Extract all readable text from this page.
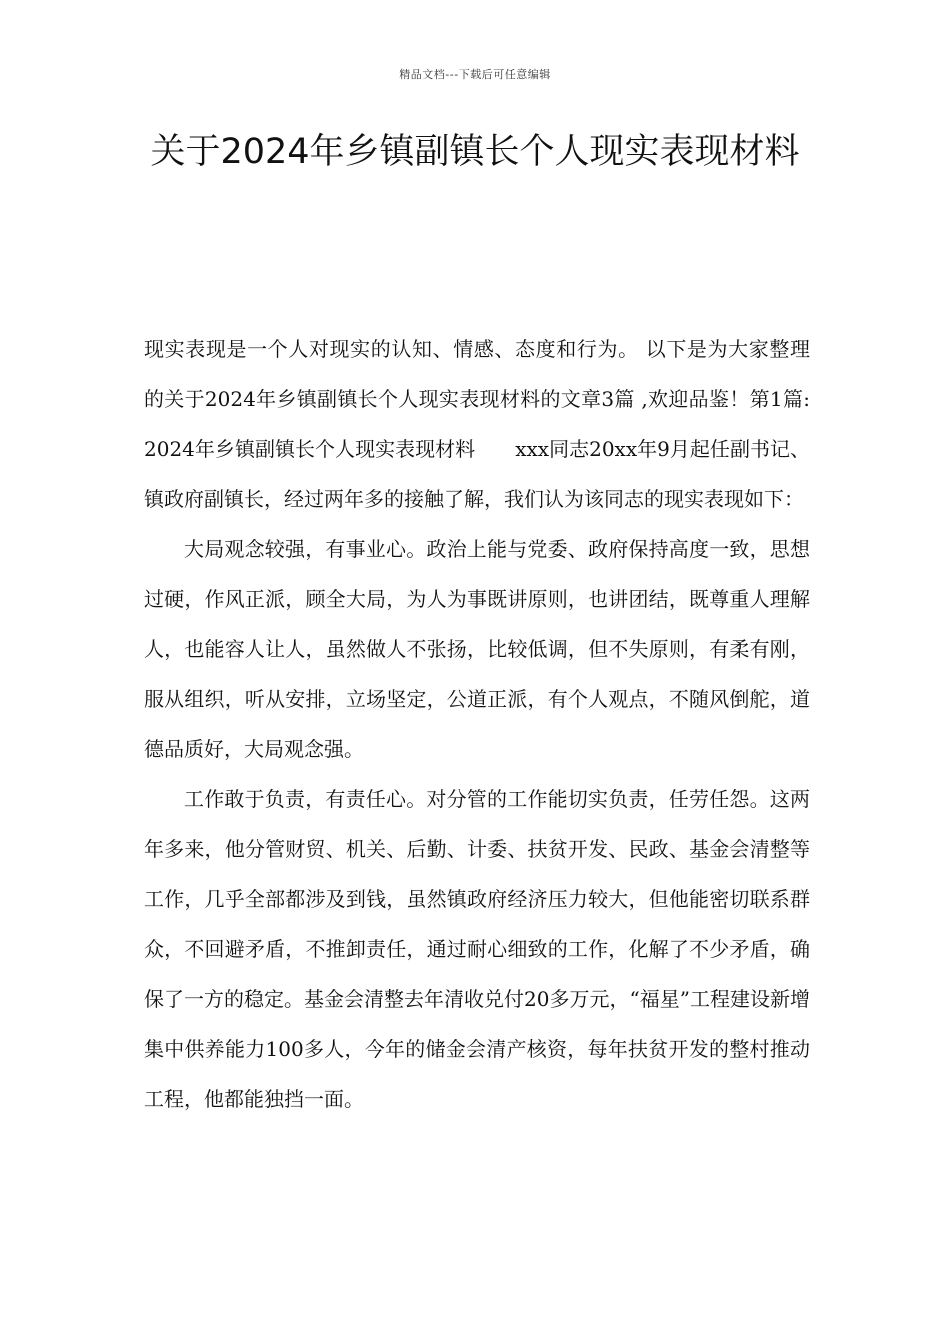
精品文档---下载后可任意编辑
关于2024年乡镇副镇长个人现实表现材料

现实表现是一个人对现实的认知、情感、态度和行为。 以下是为大家整理的关于2024年乡镇副镇长个人现实表现材料的文章3篇 ,欢迎品鉴！第1篇: 2024年乡镇副镇长个人现实表现材料　　xxx同志20xx年9月起任副书记、镇政府副镇长，经过两年多的接触了解，我们认为该同志的现实表现如下：

大局观念较强，有事业心。政治上能与党委、政府保持高度一致，思想过硬，作风正派，顾全大局，为人为事既讲原则，也讲团结，既尊重人理解人，也能容人让人，虽然做人不张扬，比较低调，但不失原则，有柔有刚，服从组织，听从安排，立场坚定，公道正派，有个人观点，不随风倒舵，道德品质好，大局观念强。

工作敢于负责，有责任心。对分管的工作能切实负责，任劳任怨。这两年多来，他分管财贸、机关、后勤、计委、扶贫开发、民政、基金会清整等工作，几乎全部都涉及到钱，虽然镇政府经济压力较大，但他能密切联系群众，不回避矛盾，不推卸责任，通过耐心细致的工作，化解了不少矛盾，确保了一方的稳定。基金会清整去年清收兑付20多万元，“福星”工程建设新增集中供养能力100多人，今年的储金会清产核资，每年扶贫开发的整村推动工程，他都能独挡一面。
